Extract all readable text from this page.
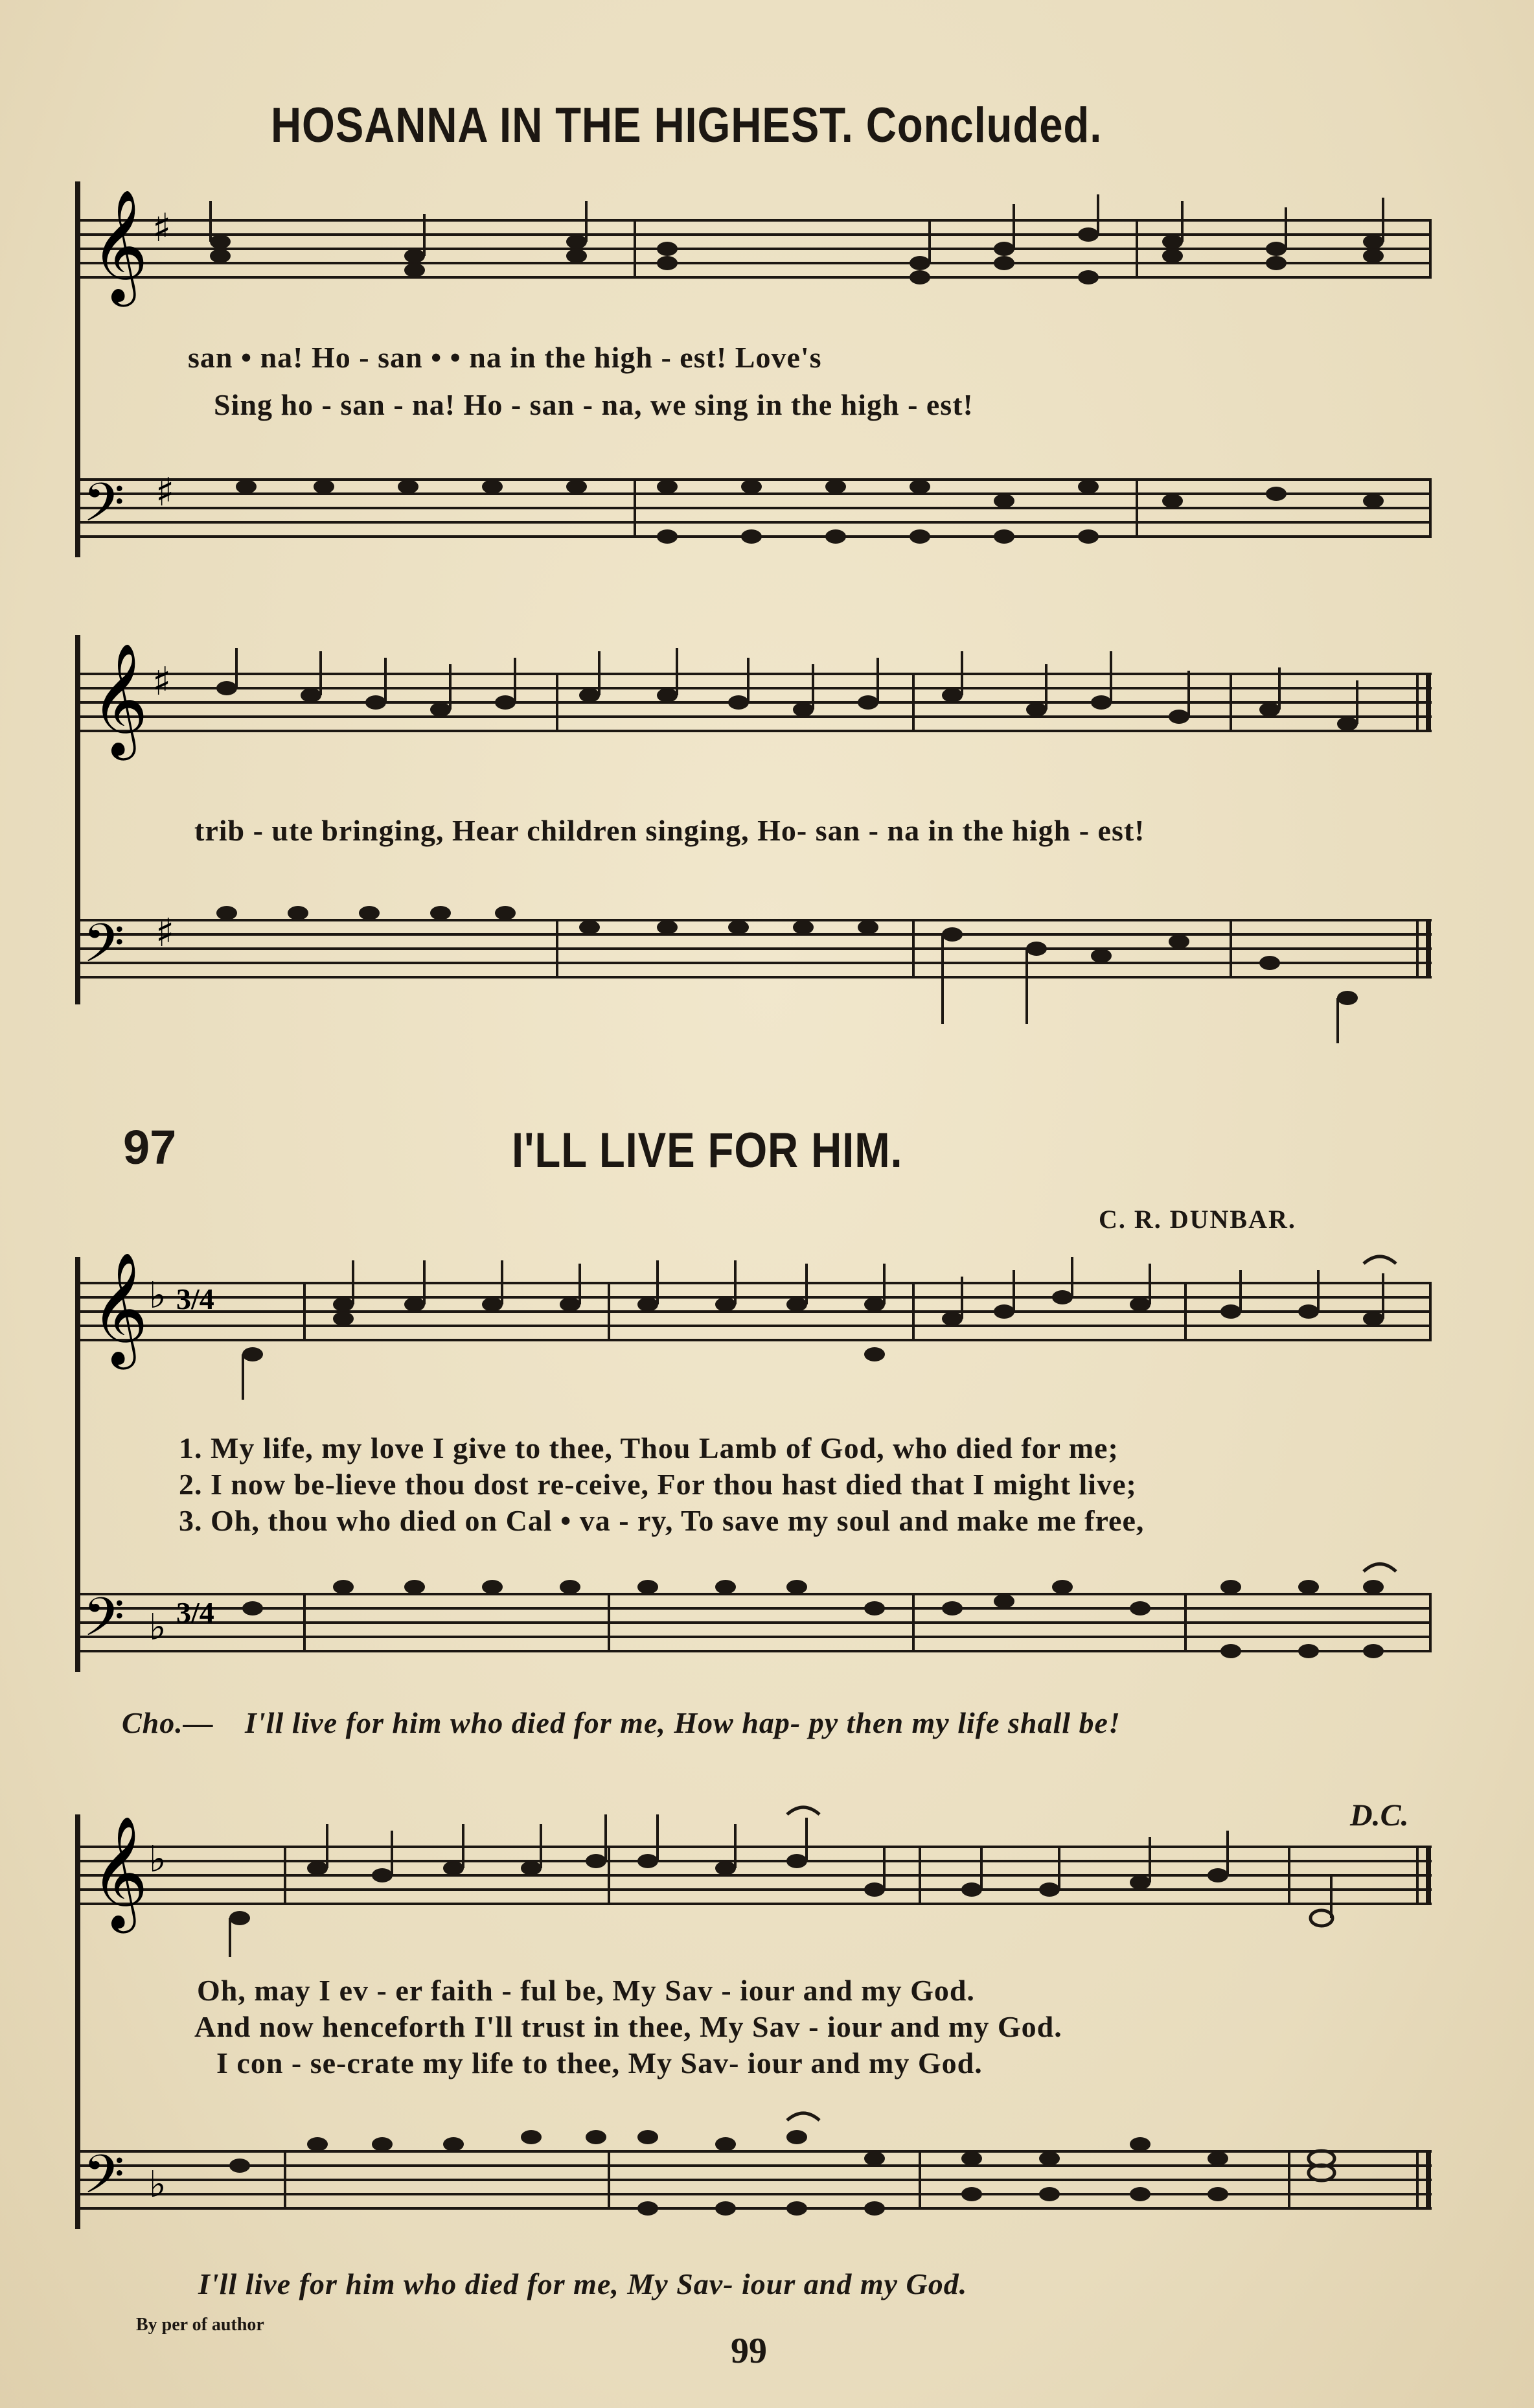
HOSANNA IN THE HIGHEST. Concluded.
𝄞 ♯
san • na! Ho - san • • na in the high - est! Love's
Sing ho - san - na! Ho - san - na, we sing in the high - est!
𝄢 ♯
𝄞 ♯
trib - ute bringing, Hear children singing, Ho- san - na in the high - est!
𝄢 ♯
97	I'LL LIVE FOR HIM.
C. R. DUNBAR.
𝄞 ♭ 3/4
1. My life, my love I give to thee, Thou Lamb of God, who died for me;
2. I now be-lieve thou dost re-ceive, For thou hast died that I might live;
3. Oh, thou who died on Cal • va - ry, To save my soul and make me free,
𝄢 ♭ 3/4
Cho.— I'll live for him who died for me, How hap- py then my life shall be!
D.C.
𝄞 ♭
Oh, may I ev - er faith - ful be, My Sav - iour and my God.
And now henceforth I'll trust in thee, My Sav - iour and my God.
I con - se-crate my life to thee, My Sav- iour and my God.
𝄢 ♭
I'll live for him who died for me, My Sav- iour and my God.
By per of author
99
